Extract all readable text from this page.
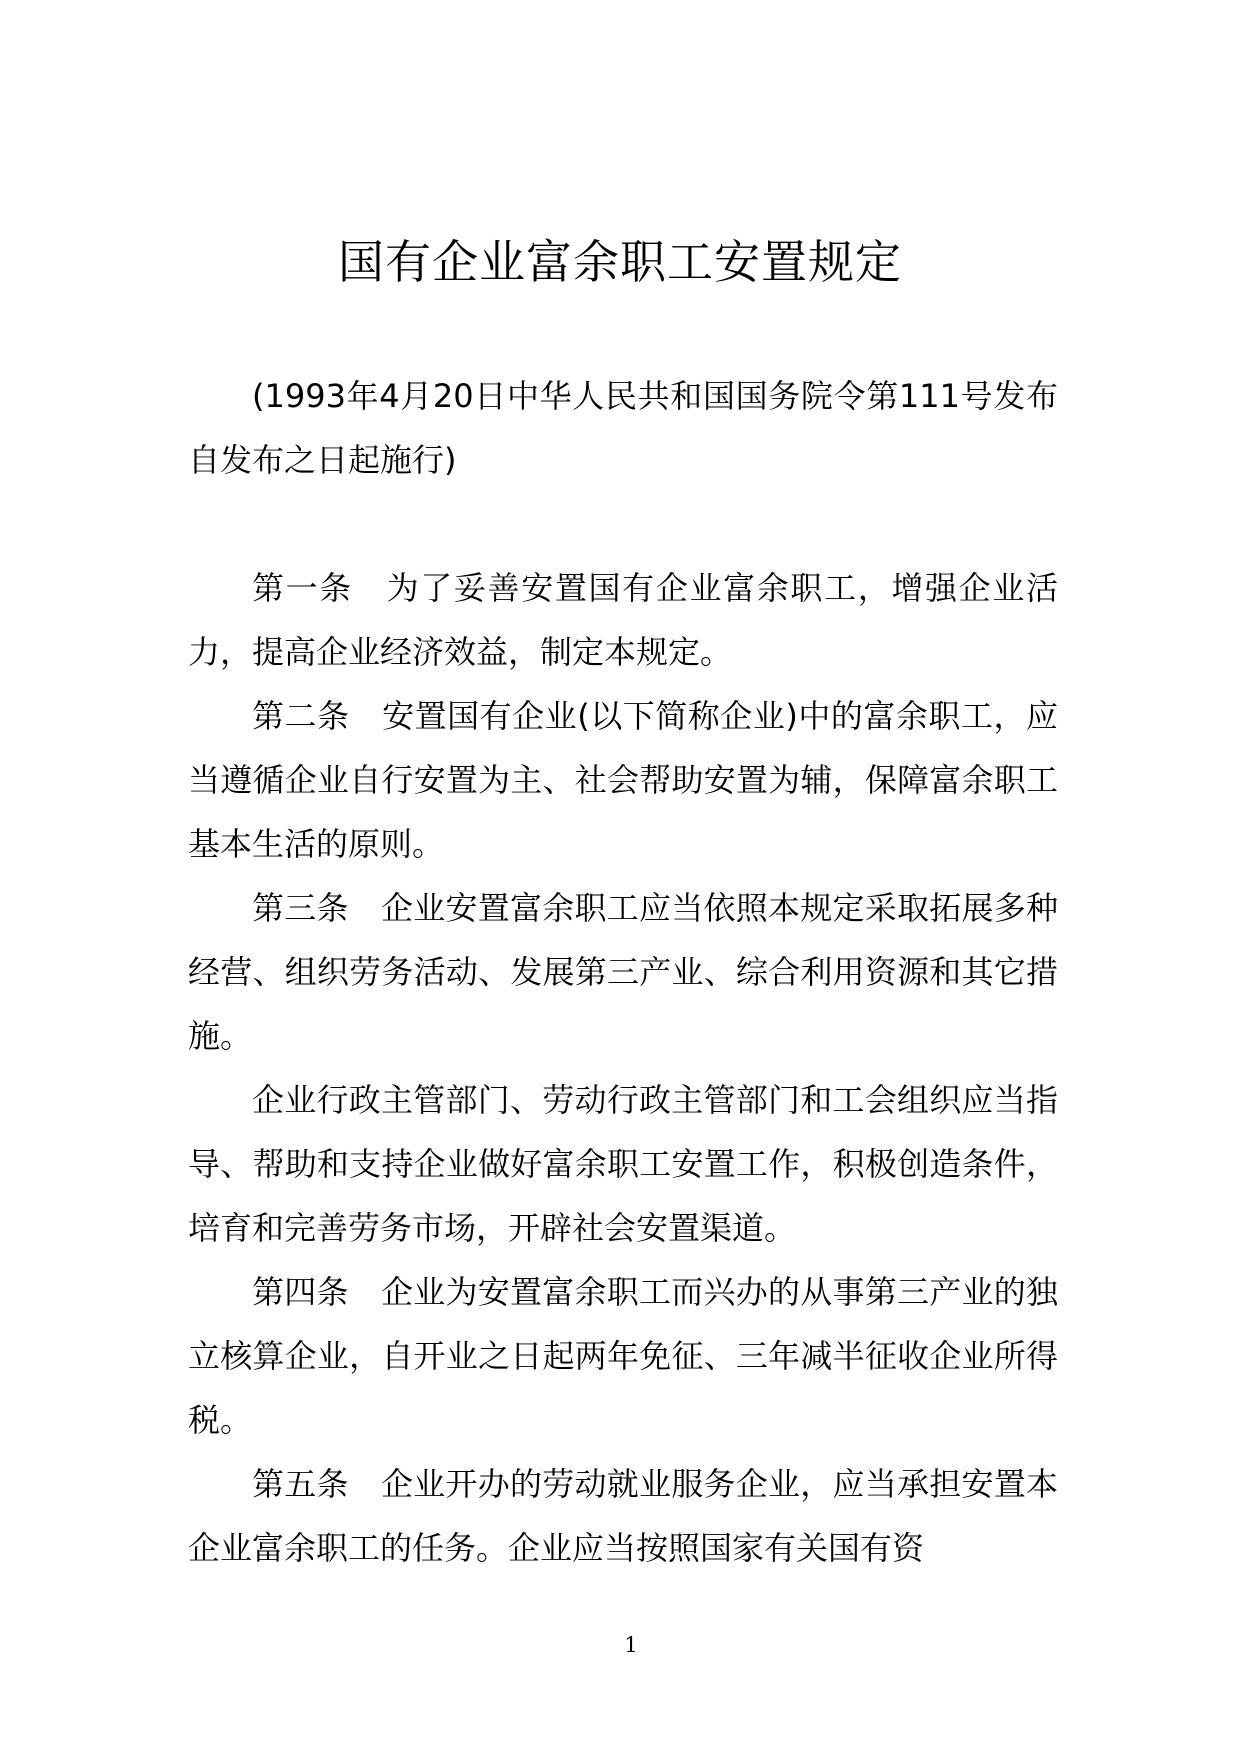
国有企业富余职工安置规定

(1993年4月20日中华人民共和国国务院令第111号发布　自发布之日起施行)

第一条　为了妥善安置国有企业富余职工，增强企业活力，提高企业经济效益，制定本规定。

第二条　安置国有企业(以下简称企业)中的富余职工，应当遵循企业自行安置为主、社会帮助安置为辅，保障富余职工基本生活的原则。

第三条　企业安置富余职工应当依照本规定采取拓展多种经营、组织劳务活动、发展第三产业、综合利用资源和其它措施。

企业行政主管部门、劳动行政主管部门和工会组织应当指导、帮助和支持企业做好富余职工安置工作，积极创造条件，培育和完善劳务市场，开辟社会安置渠道。

第四条　企业为安置富余职工而兴办的从事第三产业的独立核算企业，自开业之日起两年免征、三年减半征收企业所得税。

第五条　企业开办的劳动就业服务企业，应当承担安置本企业富余职工的任务。企业应当按照国家有关国有资

1
